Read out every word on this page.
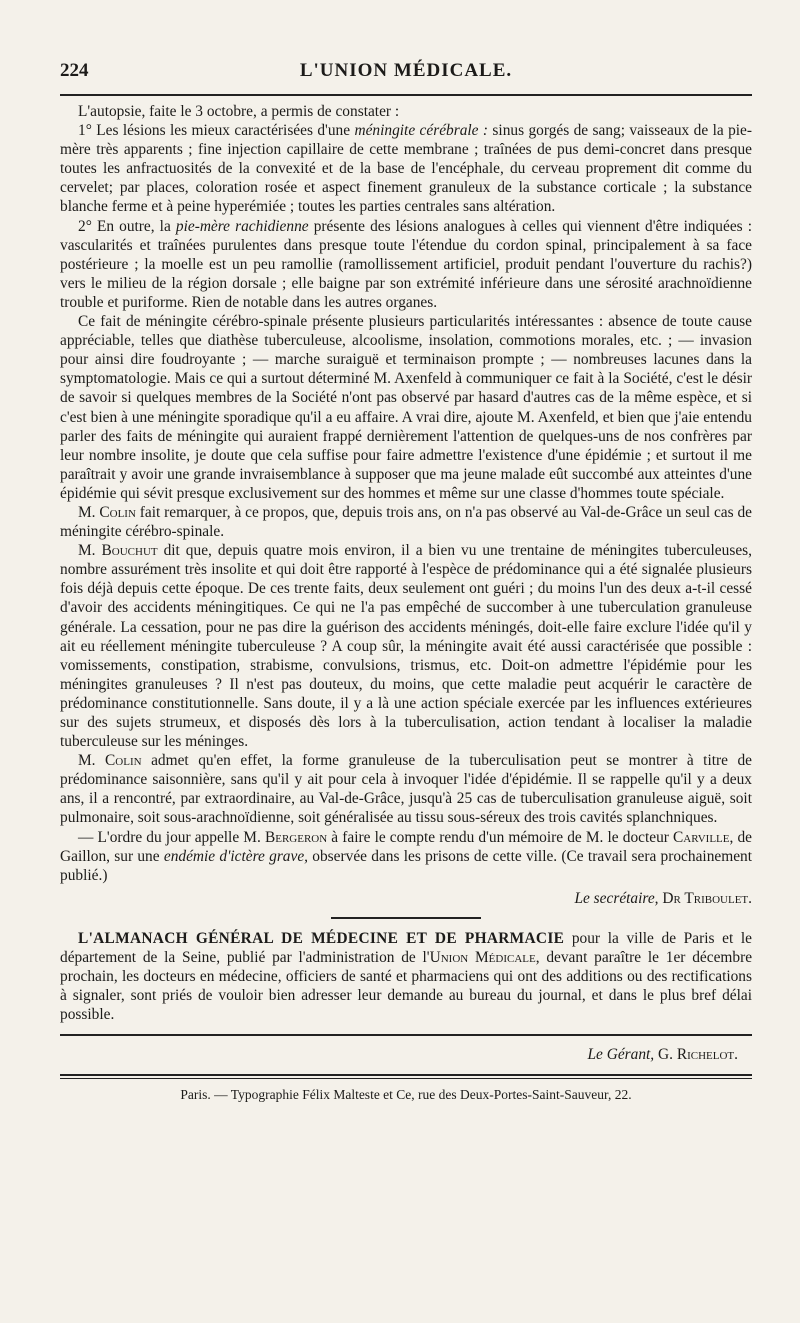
224	L'UNION MÉDICALE.

L'autopsie, faite le 3 octobre, a permis de constater :

1° Les lésions les mieux caractérisées d'une méningite cérébrale : sinus gorgés de sang; vaisseaux de la pie-mère très apparents ; fine injection capillaire de cette membrane ; traînées de pus demi-concret dans presque toutes les anfractuosités de la convexité et de la base de l'encéphale, du cerveau proprement dit comme du cervelet; par places, coloration rosée et aspect finement granuleux de la substance corticale ; la substance blanche ferme et à peine hyperémiée ; toutes les parties centrales sans altération.

2° En outre, la pie-mère rachidienne présente des lésions analogues à celles qui viennent d'être indiquées : vascularités et traînées purulentes dans presque toute l'étendue du cordon spinal, principalement à sa face postérieure ; la moelle est un peu ramollie (ramollissement artificiel, produit pendant l'ouverture du rachis?) vers le milieu de la région dorsale ; elle baigne par son extrémité inférieure dans une sérosité arachnoïdienne trouble et puriforme. Rien de notable dans les autres organes.

Ce fait de méningite cérébro-spinale présente plusieurs particularités intéressantes : absence de toute cause appréciable, telles que diathèse tuberculeuse, alcoolisme, insolation, commotions morales, etc. ; — invasion pour ainsi dire foudroyante ; — marche suraiguë et terminaison prompte ; — nombreuses lacunes dans la symptomatologie. Mais ce qui a surtout déterminé M. Axenfeld à communiquer ce fait à la Société, c'est le désir de savoir si quelques membres de la Société n'ont pas observé par hasard d'autres cas de la même espèce, et si c'est bien à une méningite sporadique qu'il a eu affaire. A vrai dire, ajoute M. Axenfeld, et bien que j'aie entendu parler des faits de méningite qui auraient frappé dernièrement l'attention de quelques-uns de nos confrères par leur nombre insolite, je doute que cela suffise pour faire admettre l'existence d'une épidémie ; et surtout il me paraîtrait y avoir une grande invraisemblance à supposer que ma jeune malade eût succombé aux atteintes d'une épidémie qui sévit presque exclusivement sur des hommes et même sur une classe d'hommes toute spéciale.

M. Colin fait remarquer, à ce propos, que, depuis trois ans, on n'a pas observé au Val-de-Grâce un seul cas de méningite cérébro-spinale.

M. Bouchut dit que, depuis quatre mois environ, il a bien vu une trentaine de méningites tuberculeuses, nombre assurément très insolite et qui doit être rapporté à l'espèce de prédominance qui a été signalée plusieurs fois déjà depuis cette époque. De ces trente faits, deux seulement ont guéri ; du moins l'un des deux a-t-il cessé d'avoir des accidents méningitiques. Ce qui ne l'a pas empêché de succomber à une tuberculation granuleuse générale. La cessation, pour ne pas dire la guérison des accidents méningés, doit-elle faire exclure l'idée qu'il y ait eu réellement méningite tuberculeuse ? A coup sûr, la méningite avait été aussi caractérisée que possible : vomissements, constipation, strabisme, convulsions, trismus, etc. Doit-on admettre l'épidémie pour les méningites granuleuses ? Il n'est pas douteux, du moins, que cette maladie peut acquérir le caractère de prédominance constitutionnelle. Sans doute, il y a là une action spéciale exercée par les influences extérieures sur des sujets strumeux, et disposés dès lors à la tuberculisation, action tendant à localiser la maladie tuberculeuse sur les méninges.

M. Colin admet qu'en effet, la forme granuleuse de la tuberculisation peut se montrer à titre de prédominance saisonnière, sans qu'il y ait pour cela à invoquer l'idée d'épidémie. Il se rappelle qu'il y a deux ans, il a rencontré, par extraordinaire, au Val-de-Grâce, jusqu'à 25 cas de tuberculisation granuleuse aiguë, soit pulmonaire, soit sous-arachnoïdienne, soit généralisée au tissu sous-séreux des trois cavités splanchniques.

— L'ordre du jour appelle M. Bergeron à faire le compte rendu d'un mémoire de M. le docteur Carville, de Gaillon, sur une endémie d'ictère grave, observée dans les prisons de cette ville. (Ce travail sera prochainement publié.)

Le secrétaire, Dr Triboulet.

L'ALMANACH GÉNÉRAL DE MÉDECINE ET DE PHARMACIE pour la ville de Paris et le département de la Seine, publié par l'administration de l'Union Médicale, devant paraître le 1er décembre prochain, les docteurs en médecine, officiers de santé et pharmaciens qui ont des additions ou des rectifications à signaler, sont priés de vouloir bien adresser leur demande au bureau du journal, et dans le plus bref délai possible.

Le Gérant, G. Richelot.
Paris. — Typographie Félix Malteste et Ce, rue des Deux-Portes-Saint-Sauveur, 22.
